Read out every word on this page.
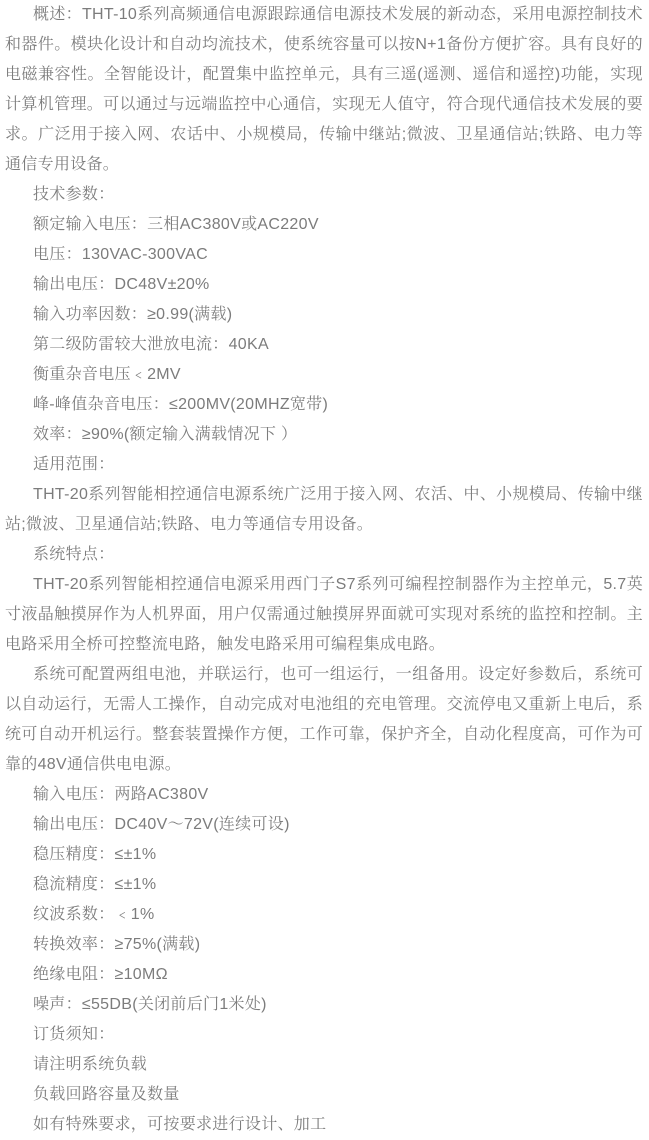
概述：THT-10系列高频通信电源跟踪通信电源技术发展的新动态，采用电源控制技术和器件。模块化设计和自动均流技术，使系统容量可以按N+1备份方便扩容。具有良好的电磁兼容性。全智能设计，配置集中监控单元，具有三遥(遥测、遥信和遥控)功能，实现计算机管理。可以通过与远端监控中心通信，实现无人值守，符合现代通信技术发展的要求。广泛用于接入网、农话中、小规模局，传输中继站;微波、卫星通信站;铁路、电力等通信专用设备。

技术参数：

额定输入电压：三相AC380V或AC220V

电压：130VAC-300VAC

输出电压：DC48V±20%

输入功率因数：≥0.99(满载)

第二级防雷较大泄放电流：40KA

衡重杂音电压﹤2MV

峰-峰值杂音电压：≤200MV(20MHZ宽带)

效率：≥90%(额定输入满载情况下 ）

适用范围：

THT-20系列智能相控通信电源系统广泛用于接入网、农活、中、小规模局、传输中继站;微波、卫星通信站;铁路、电力等通信专用设备。

系统特点：

THT-20系列智能相控通信电源采用西门子S7系列可编程控制器作为主控单元，5.7英寸液晶触摸屏作为人机界面，用户仅需通过触摸屏界面就可实现对系统的监控和控制。主电路采用全桥可控整流电路，触发电路采用可编程集成电路。

系统可配置两组电池，并联运行，也可一组运行，一组备用。设定好参数后，系统可以自动运行，无需人工操作，自动完成对电池组的充电管理。交流停电又重新上电后，系统可自动开机运行。整套装置操作方便，工作可靠，保护齐全，自动化程度高，可作为可靠的48V通信供电电源。

输入电压：两路AC380V

输出电压：DC40V～72V(连续可设)

稳压精度：≤±1%

稳流精度：≤±1%

纹波系数：﹤1%

转换效率：≥75%(满载)

绝缘电阻：≥10MΩ

噪声：≤55DB(关闭前后门1米处)

订货须知：

请注明系统负载

负载回路容量及数量

如有特殊要求，可按要求进行设计、加工
